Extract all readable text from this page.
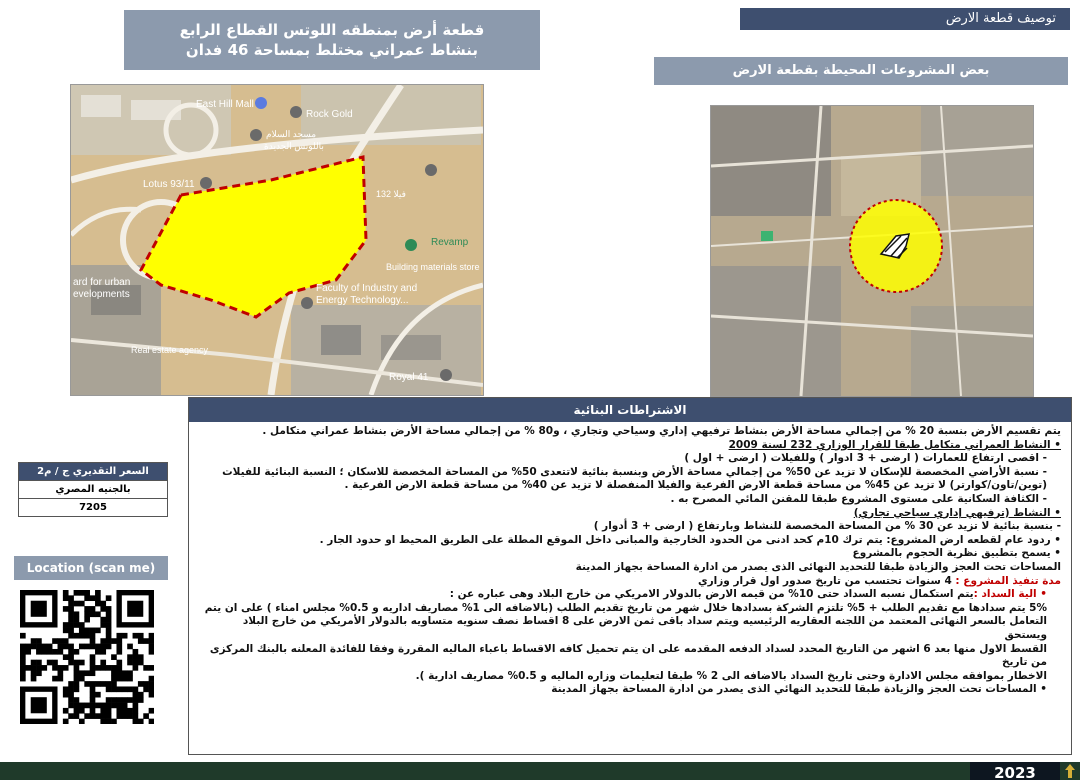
قطعة أرض بمنطقه اللوتس القطاع الرابع
بنشاط عمراني مختلط بمساحة 46 فدان
توصيف قطعة الارض
بعض المشروعات المحيطة بقطعة الارض
East Hill Mall
Rock Gold
مسجد السلام
باللوتس الجديدة
Lotus 93/11
فيلا 132
Revamp
Building materials store
ard for urban
evelopments
Faculty of Industry and
Energy Technology...
Real estate agency
Royal 41
الاشتراطات البنائية

يتم تقسيم الأرض بنسبة 20 % من إجمالي مساحة الأرض بنشاط ترفيهي إداري وسياحي وتجاري ، و80 % من إجمالي مساحة الأرض بنشاط عمراني متكامل .

• النشاط العمراني متكامل طبقا للقرار الوزاري 232 لسنة 2009

- اقصى ارتفاع للعمارات ( ارضى + 3 ادوار ) وللفيلات ( ارضى + اول )

- نسبة الأراضي المخصصة للإسكان لا تزيد عن 50% من إجمالي مساحة الأرض وبنسبة بنائية لاتتعدى 50% من المساحة المخصصة للاسكان ؛ النسبة البنائية للفيلات

(توين/تاون/كوارتر) لا تزيد عن 45% من مساحة قطعة الارض الفرعية والفيلا المنفصلة لا تزيد عن 40% من مساحة قطعة الارض الفرعية .

- الكثافة السكانية على مستوى المشروع طبقا للمقنن المائي المصرح به .

• النشاط (ترفيهي إداري سياحي تجاري)

- بنسبة بنائية لا تزيد عن 30 % من المساحة المخصصة للنشاط وبارتفاع ( ارضى + 3 أدوار )

• ردود عام لقطعه ارض المشروع: يتم ترك 10م كحد ادنى من الحدود الخارجية والمبانى داخل الموقع المطلة على الطريق المحيط او حدود الجار .

• يسمح بتطبيق نظرية الحجوم بالمشروع

المساحات تحت العجز والزيادة طبقا للتحديد النهائى الذى يصدر من ادارة المساحة بجهاز المدينة

مدة تنفيذ المشروع : 4 سنوات تحتسب من تاريخ صدور اول قرار وزاري

• الية السداد :يتم استكمال نسبه السداد حتى 10% من قيمه الارض بالدولار الامريكي من خارج البلاد وهى عباره عن :

5% يتم سدادها مع تقديم الطلب + 5% تلتزم الشركة بسدادها خلال شهر من تاريخ تقديم الطلب (بالاضافه الى 1% مصاريف اداريه و 0.5% مجلس امناء ) على ان يتم

التعامل بالسعر النهائى المعتمد من اللجنه العقاريه الرئيسيه ويتم سداد باقى ثمن الارض على 8 اقساط نصف سنويه متساويه بالدولار الأمريكي من خارج البلاد ويستحق

القسط الاول منها بعد 6 اشهر من التاريخ المحدد لسداد الدفعه المقدمه على ان يتم تحميل كافه الاقساط باعباء الماليه المقررة وفقا للفائدة المعلنه بالبنك المركزى من تاريخ

الاخطار بموافقه مجلس الادارة وحتى تاريخ السداد بالاضافه الى 2 % طبقا لتعليمات وزاره الماليه و 0.5% مصاريف ادارية ).

• المساحات تحت العجز والزيادة طبقا للتحديد النهائي الذى يصدر من ادارة المساحة بجهاز المدينة

السعر التقديري ج / م2
بالجنيه المصري
7205
Location (scan me)
2023
